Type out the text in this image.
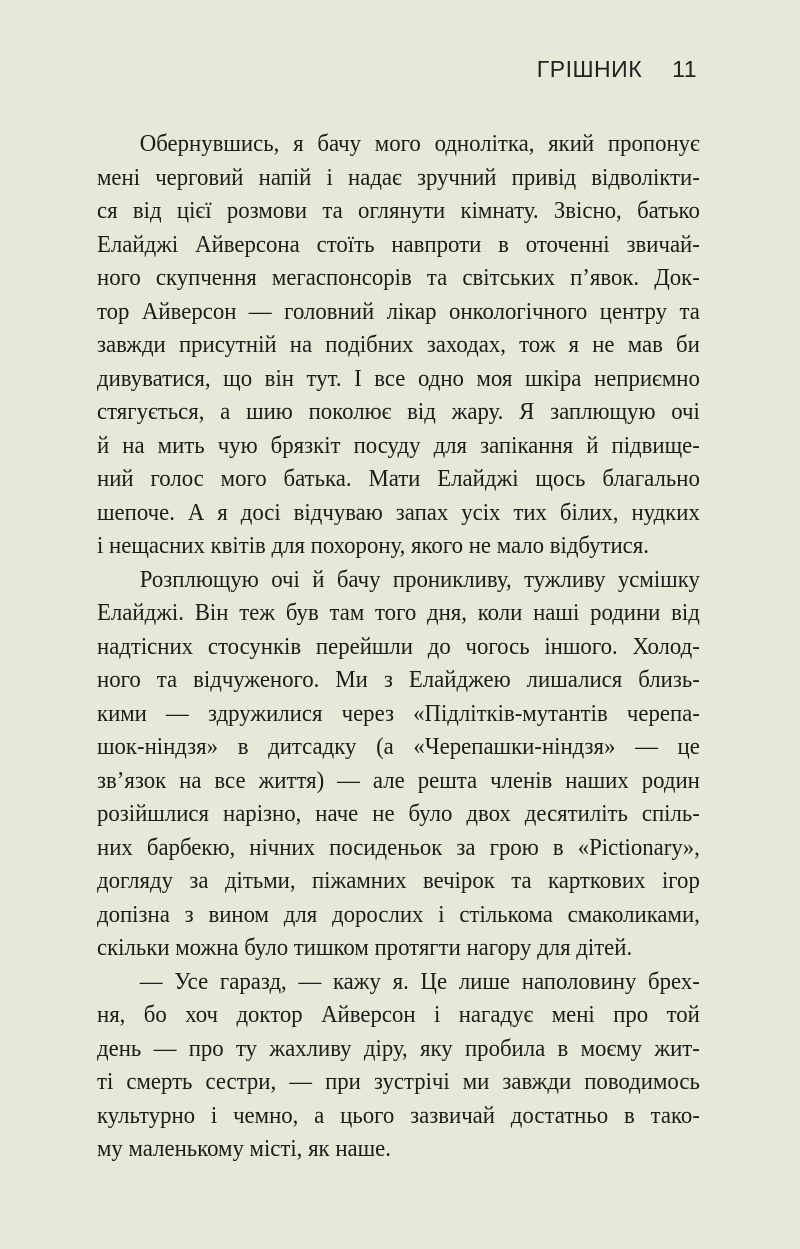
ГРІШНИК 11
Обернувшись, я бачу мого однолітка, який пропонує
мені черговий напій і надає зручний привід відволікти-
ся від цієї розмови та оглянути кімнату. Звісно, батько
Елайджі Айверсона стоїть навпроти в оточенні звичай-
ного скупчення мегаспонсорів та світських п’явок. Док-
тор Айверсон — головний лікар онкологічного центру та
завжди присутній на подібних заходах, тож я не мав би
дивуватися, що він тут. І все одно моя шкіра неприємно
стягується, а шию поколює від жару. Я заплющую очі
й на мить чую брязкіт посуду для запікання й підвище-
ний голос мого батька. Мати Елайджі щось благально
шепоче. А я досі відчуваю запах усіх тих білих, нудких
і нещасних квітів для похорону, якого не мало відбутися.
Розплющую очі й бачу проникливу, тужливу усмішку
Елайджі. Він теж був там того дня, коли наші родини від
надтісних стосунків перейшли до чогось іншого. Холод-
ного та відчуженого. Ми з Елайджею лишалися близь-
кими — здружилися через «Підлітків-мутантів черепа-
шок-ніндзя» в дитсадку (а «Черепашки-ніндзя» — це
зв’язок на все життя) — але решта членів наших родин
розійшлися нарізно, наче не було двох десятиліть спіль-
них барбекю, нічних посиденьок за грою в «Pictionary»,
догляду за дітьми, піжамних вечірок та карткових ігор
допізна з вином для дорослих і стількома смаколиками,
скільки можна було тишком протягти нагору для дітей.
— Усе гаразд, — кажу я. Це лише наполовину брех-
ня, бо хоч доктор Айверсон і нагадує мені про той
день — про ту жахливу діру, яку пробила в моєму жит-
ті смерть сестри, — при зустрічі ми завжди поводимось
культурно і чемно, а цього зазвичай достатньо в тако-
му маленькому місті, як наше.
